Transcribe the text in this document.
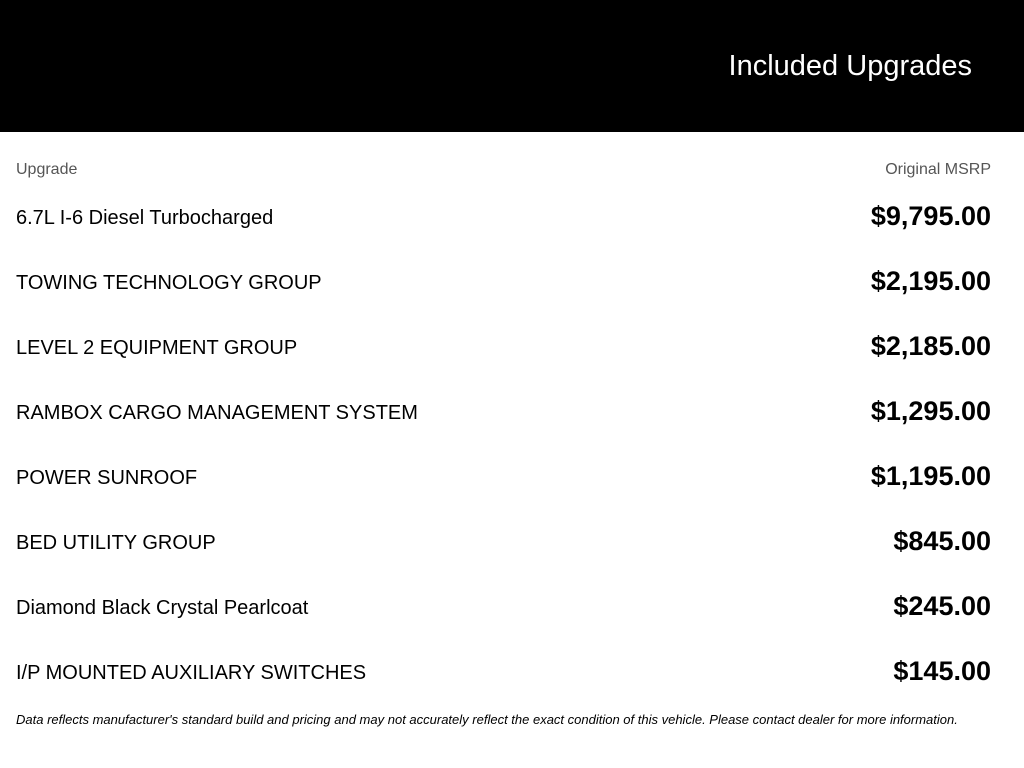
Included Upgrades
Upgrade	Original MSRP
6.7L I-6 Diesel Turbocharged	$9,795.00
TOWING TECHNOLOGY GROUP	$2,195.00
LEVEL 2 EQUIPMENT GROUP	$2,185.00
RAMBOX CARGO MANAGEMENT SYSTEM	$1,295.00
POWER SUNROOF	$1,195.00
BED UTILITY GROUP	$845.00
Diamond Black Crystal Pearlcoat	$245.00
I/P MOUNTED AUXILIARY SWITCHES	$145.00
Data reflects manufacturer's standard build and pricing and may not accurately reflect the exact condition of this vehicle. Please contact dealer for more information.
